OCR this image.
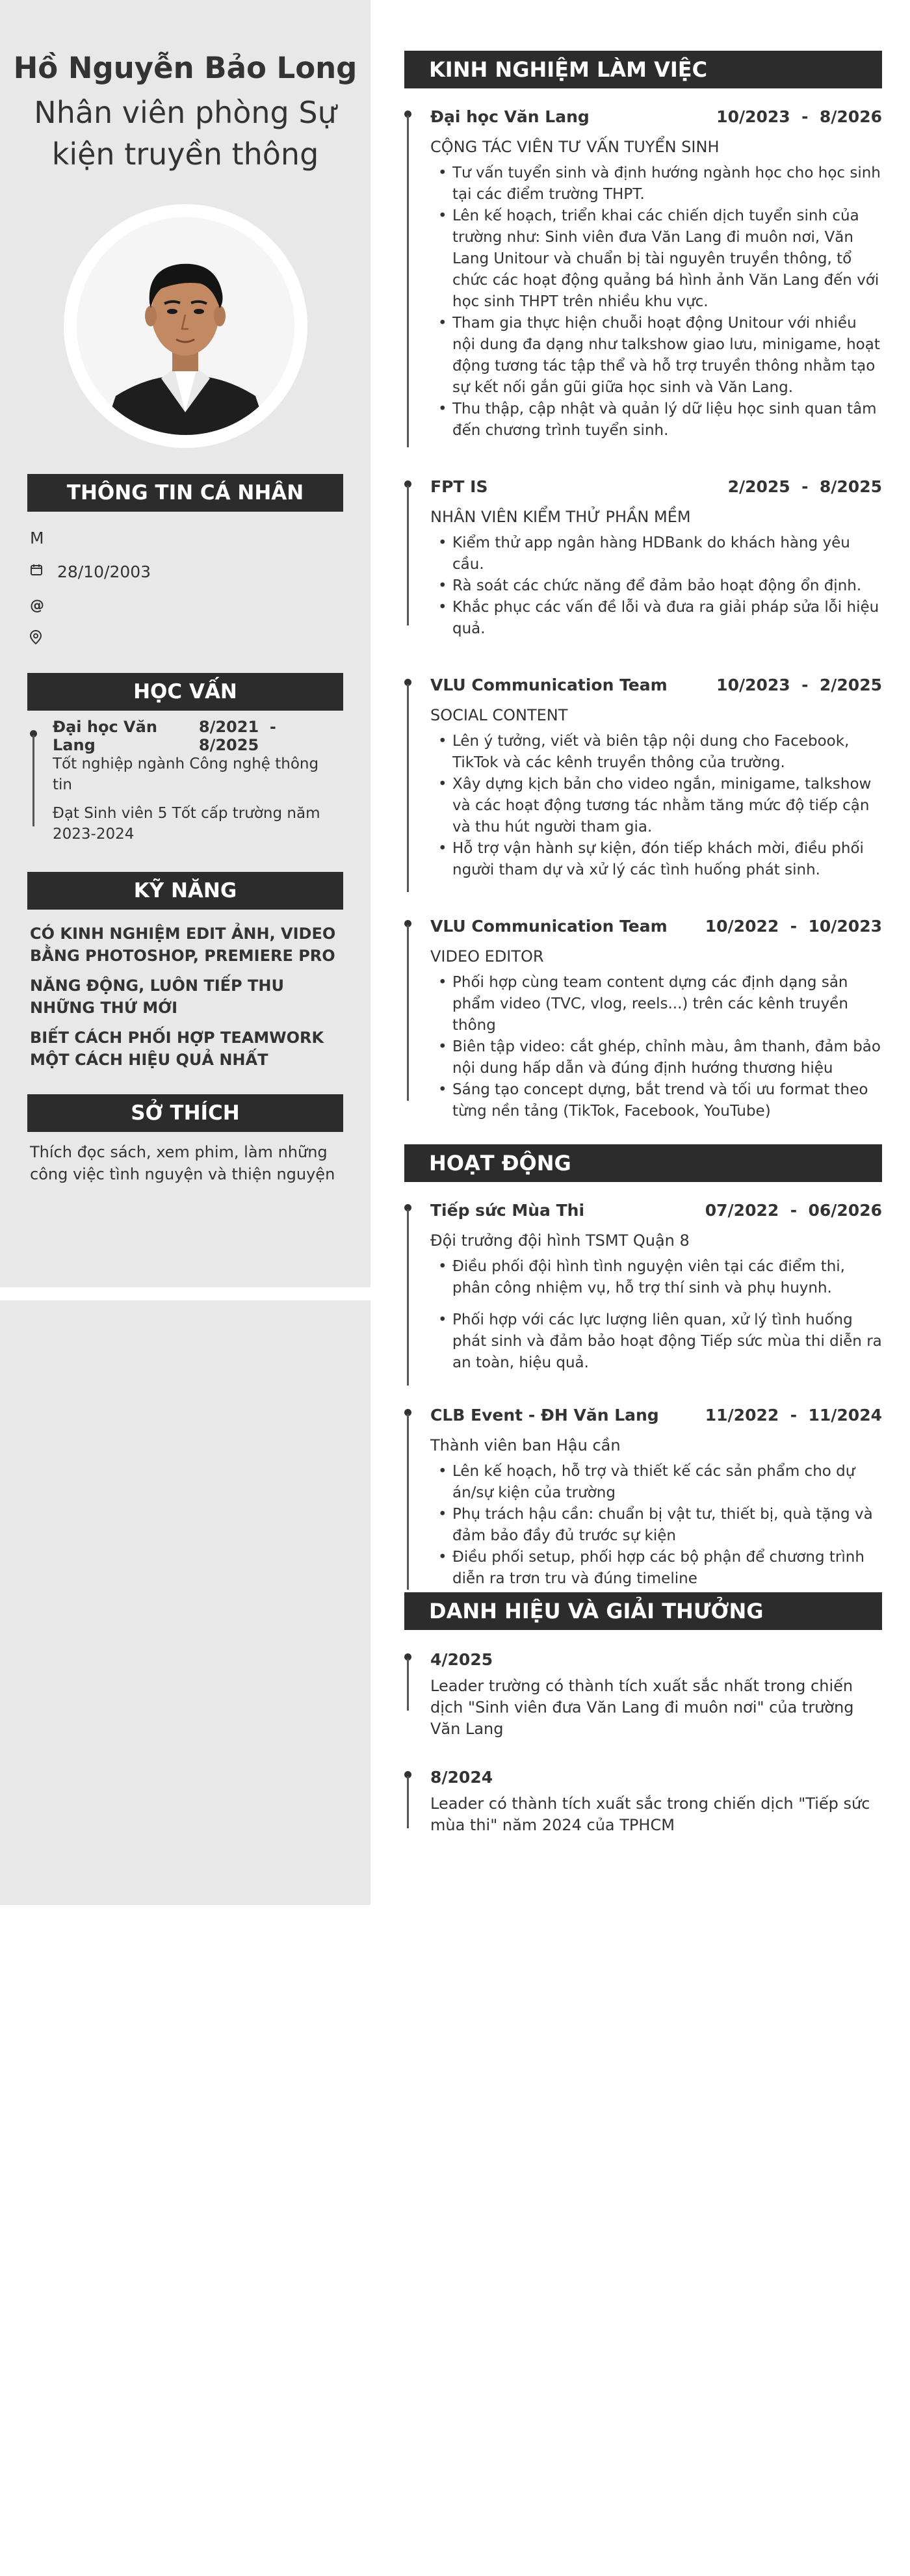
Hồ Nguyễn Bảo Long
Nhân viên phòng Sự
kiện truyền thông
THÔNG TIN CÁ NHÂN
M
28/10/2003
@
HỌC VẤN
Đại học Văn Lang
8/2021  -  8/2025
Tốt nghiệp ngành Công nghệ thông tin
Đạt Sinh viên 5 Tốt cấp trường năm 2023-2024
KỸ NĂNG
CÓ KINH NGHIỆM EDIT ẢNH, VIDEO BẰNG PHOTOSHOP, PREMIERE PRO
NĂNG ĐỘNG, LUÔN TIẾP THU NHỮNG THỨ MỚI
BIẾT CÁCH PHỐI HỢP TEAMWORK MỘT CÁCH HIỆU QUẢ NHẤT
SỞ THÍCH
Thích đọc sách, xem phim, làm những công việc tình nguyện và thiện nguyện
KINH NGHIỆM LÀM VIỆC
Đại học Văn Lang	10/2023  -  8/2026
CỘNG TÁC VIÊN TƯ VẤN TUYỂN SINH
• Tư vấn tuyển sinh và định hướng ngành học cho học sinh tại các điểm trường THPT.
• Lên kế hoạch, triển khai các chiến dịch tuyển sinh của trường như: Sinh viên đưa Văn Lang đi muôn nơi, Văn Lang Unitour và chuẩn bị tài nguyên truyền thông, tổ chức các hoạt động quảng bá hình ảnh Văn Lang đến với học sinh THPT trên nhiều khu vực.
• Tham gia thực hiện chuỗi hoạt động Unitour với nhiều nội dung đa dạng như talkshow giao lưu, minigame, hoạt động tương tác tập thể và hỗ trợ truyền thông nhằm tạo sự kết nối gắn gũi giữa học sinh và Văn Lang.
• Thu thập, cập nhật và quản lý dữ liệu học sinh quan tâm đến chương trình tuyển sinh.
FPT IS	2/2025  -  8/2025
NHÂN VIÊN KIỂM THỬ PHẦN MỀM
• Kiểm thử app ngân hàng HDBank do khách hàng yêu cầu.
• Rà soát các chức năng để đảm bảo hoạt động ổn định.
• Khắc phục các vấn đề lỗi và đưa ra giải pháp sửa lỗi hiệu quả.
VLU Communication Team	10/2023  -  2/2025
SOCIAL CONTENT
• Lên ý tưởng, viết và biên tập nội dung cho Facebook, TikTok và các kênh truyền thông của trường.
• Xây dựng kịch bản cho video ngắn, minigame, talkshow và các hoạt động tương tác nhằm tăng mức độ tiếp cận và thu hút người tham gia.
• Hỗ trợ vận hành sự kiện, đón tiếp khách mời, điều phối người tham dự và xử lý các tình huống phát sinh.
VLU Communication Team 10/2022  -  10/2023
VIDEO EDITOR
• Phối hợp cùng team content dựng các định dạng sản phẩm video (TVC, vlog, reels...) trên các kênh truyền thông
• Biên tập video: cắt ghép, chỉnh màu, âm thanh, đảm bảo nội dung hấp dẫn và đúng định hướng thương hiệu
• Sáng tạo concept dựng, bắt trend và tối ưu format theo từng nền tảng (TikTok, Facebook, YouTube)
HOẠT ĐỘNG
Tiếp sức Mùa Thi	07/2022  -  06/2026
Đội trưởng đội hình TSMT Quận 8
• Điều phối đội hình tình nguyện viên tại các điểm thi, phân công nhiệm vụ, hỗ trợ thí sinh và phụ huynh.
• Phối hợp với các lực lượng liên quan, xử lý tình huống phát sinh và đảm bảo hoạt động Tiếp sức mùa thi diễn ra an toàn, hiệu quả.
CLB Event - ĐH Văn Lang	11/2022  -  11/2024
Thành viên ban Hậu cần
• Lên kế hoạch, hỗ trợ và thiết kế các sản phẩm cho dự án/sự kiện của trường
• Phụ trách hậu cần: chuẩn bị vật tư, thiết bị, quà tặng và đảm bảo đầy đủ trước sự kiện
• Điều phối setup, phối hợp các bộ phận để chương trình diễn ra trơn tru và đúng timeline
DANH HIỆU VÀ GIẢI THƯỞNG
4/2025
Leader trường có thành tích xuất sắc nhất trong chiến dịch "Sinh viên đưa Văn Lang đi muôn nơi" của trường Văn Lang
8/2024
Leader có thành tích xuất sắc trong chiến dịch "Tiếp sức mùa thi" năm 2024 của TPHCM
